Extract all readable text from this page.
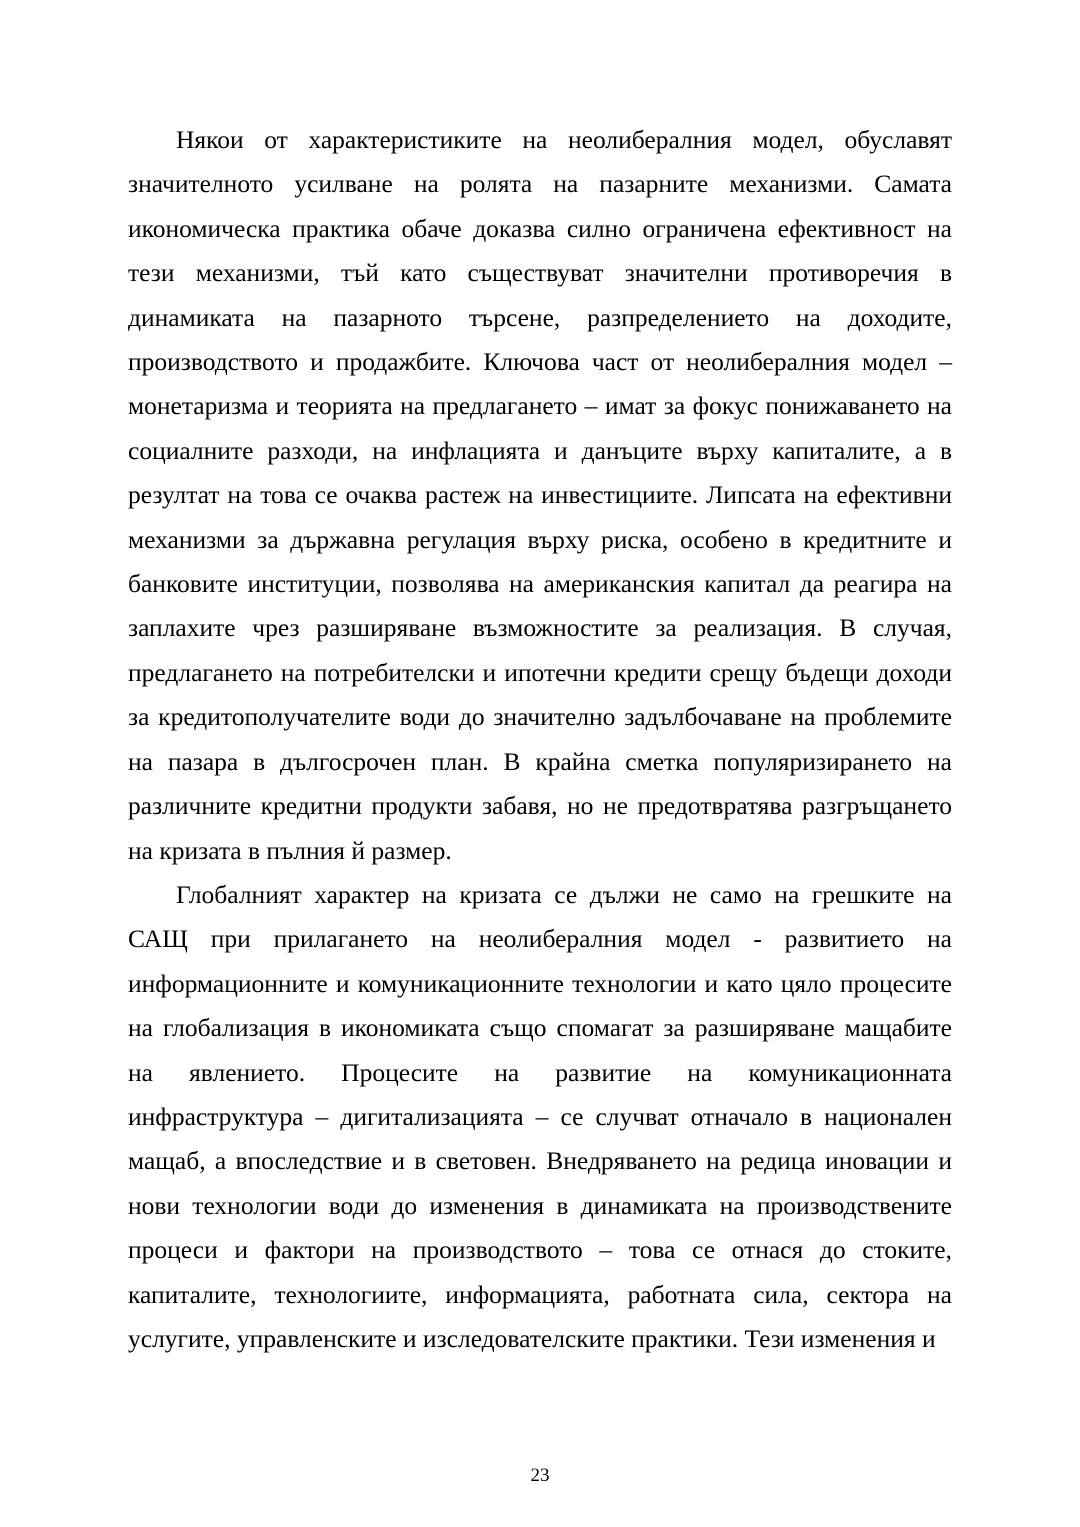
Някои от характеристиките на неолибералния модел, обуславят значителното усилване на ролята на пазарните механизми. Самата икономическа практика обаче доказва силно ограничена ефективност на тези механизми, тъй като съществуват значителни противоречия в динамиката на пазарното търсене, разпределението на доходите, производството и продажбите. Ключова част от неолибералния модел – монетаризма и теорията на предлагането – имат за фокус понижаването на социалните разходи, на инфлацията и данъците върху капиталите, а в резултат на това се очаква растеж на инвестициите. Липсата на ефективни механизми за държавна регулация върху риска, особено в кредитните и банковите институции, позволява на американския капитал да реагира на заплахите чрез разширяване възможностите за реализация. В случая, предлагането на потребителски и ипотечни кредити срещу бъдещи доходи за кредитополучателите води до значително задълбочаване на проблемите на пазара в дългосрочен план. В крайна сметка популяризирането на различните кредитни продукти забавя, но не предотвратява разгръщането на кризата в пълния й размер.

Глобалният характер на кризата се дължи не само на грешките на САЩ при прилагането на неолибералния модел - развитието на информационните и комуникационните технологии и като цяло процесите на глобализация в икономиката също спомагат за разширяване мащабите на явлението. Процесите на развитие на комуникационната инфраструктура – дигитализацията – се случват отначало в национален мащаб, а впоследствие и в световен. Внедряването на редица иновации и нови технологии води до изменения в динамиката на производствените процеси и фактори на производството – това се отнася до стоките, капиталите, технологиите, информацията, работната сила, сектора на услугите, управленските и изследователските практики. Тези изменения и

23
